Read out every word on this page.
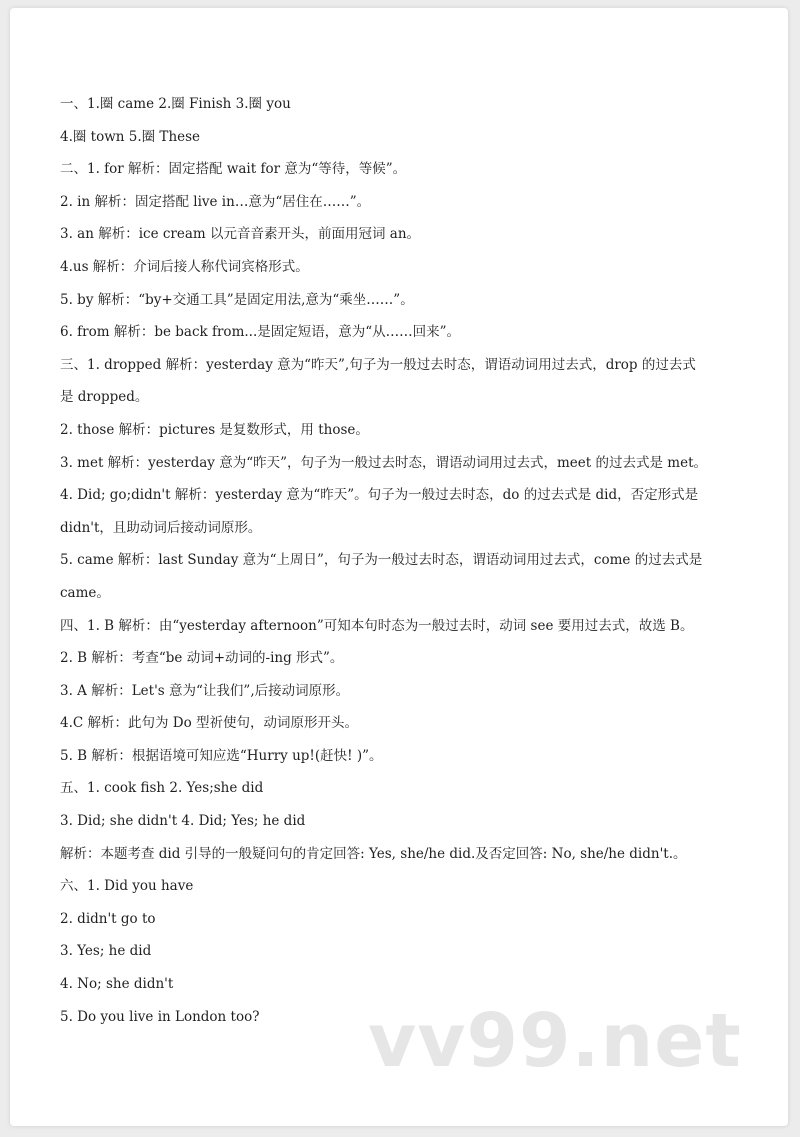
一、1.圈 came 2.圈 Finish 3.圈 you
4.圈 town 5.圈 These
二、1. for 解析：固定搭配 wait for 意为“等待，等候”。
2. in 解析：固定搭配 live in…意为“居住在……”。
3. an 解析：ice cream 以元音音素开头，前面用冠词 an。
4.us 解析：介词后接人称代词宾格形式。
5. by 解析：“by+交通工具”是固定用法,意为“乘坐……”。
6. from 解析：be back from...是固定短语，意为“从……回来”。
三、1. dropped 解析：yesterday 意为“昨天”,句子为一般过去时态，谓语动词用过去式，drop 的过去式
是 dropped。
2. those 解析：pictures 是复数形式，用 those。
3. met 解析：yesterday 意为“昨天”，句子为一般过去时态，谓语动词用过去式，meet 的过去式是 met。
4. Did; go;didn't 解析：yesterday 意为“昨天”。句子为一般过去时态，do 的过去式是 did，否定形式是
didn't，且助动词后接动词原形。
5. came 解析：last Sunday 意为“上周日”，句子为一般过去时态，谓语动词用过去式，come 的过去式是
came。
四、1. B 解析：由“yesterday afternoon”可知本句时态为一般过去时，动词 see 要用过去式，故选 B。
2. B 解析：考查“be 动词+动词的-ing 形式”。
3. A 解析：Let's 意为“让我们”,后接动词原形。
4.C 解析：此句为 Do 型祈使句，动词原形开头。
5. B 解析：根据语境可知应选“Hurry up!(赶快! )”。
五、1. cook fish 2. Yes;she did
3. Did; she didn't 4. Did; Yes; he did
解析：本题考查 did 引导的一般疑问句的肯定回答: Yes, she/he did.及否定回答: No, she/he didn't.。
六、1. Did you have
2. didn't go to
3. Yes; he did
4. No; she didn't
5. Do you live in London too?	vv99.net
